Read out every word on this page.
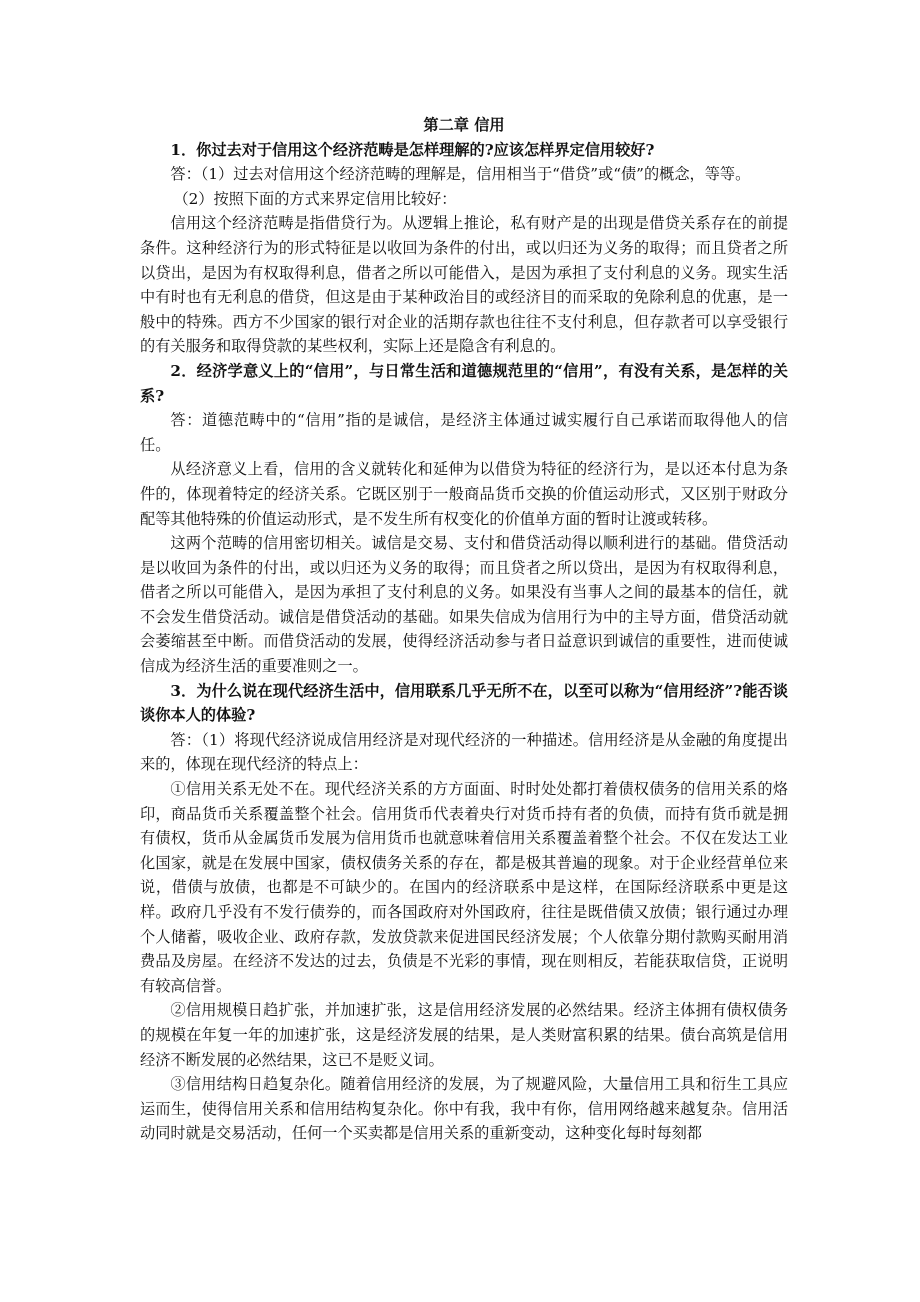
第二章 信用

1．你过去对于信用这个经济范畴是怎样理解的?应该怎样界定信用较好?

答：（1）过去对信用这个经济范畴的理解是，信用相当于“借贷”或“债”的概念，等等。

（2）按照下面的方式来界定信用比较好：

信用这个经济范畴是指借贷行为。从逻辑上推论，私有财产是的出现是借贷关系存在的前提条件。这种经济行为的形式特征是以收回为条件的付出，或以归还为义务的取得；而且贷者之所以贷出，是因为有权取得利息，借者之所以可能借入，是因为承担了支付利息的义务。现实生活中有时也有无利息的借贷，但这是由于某种政治目的或经济目的而采取的免除利息的优惠，是一般中的特殊。西方不少国家的银行对企业的活期存款也往往不支付利息，但存款者可以享受银行的有关服务和取得贷款的某些权利，实际上还是隐含有利息的。

2．经济学意义上的“信用”，与日常生活和道德规范里的“信用”，有没有关系，是怎样的关系?

答：道德范畴中的“信用”指的是诚信，是经济主体通过诚实履行自己承诺而取得他人的信任。

从经济意义上看，信用的含义就转化和延伸为以借贷为特征的经济行为，是以还本付息为条件的，体现着特定的经济关系。它既区别于一般商品货币交换的价值运动形式，又区别于财政分配等其他特殊的价值运动形式，是不发生所有权变化的价值单方面的暂时让渡或转移。

这两个范畴的信用密切相关。诚信是交易、支付和借贷活动得以顺利进行的基础。借贷活动是以收回为条件的付出，或以归还为义务的取得；而且贷者之所以贷出，是因为有权取得利息，借者之所以可能借入，是因为承担了支付利息的义务。如果没有当事人之间的最基本的信任，就不会发生借贷活动。诚信是借贷活动的基础。如果失信成为信用行为中的主导方面，借贷活动就会萎缩甚至中断。而借贷活动的发展，使得经济活动参与者日益意识到诚信的重要性，进而使诚信成为经济生活的重要准则之一。

3．为什么说在现代经济生活中，信用联系几乎无所不在，以至可以称为“信用经济”?能否谈谈你本人的体验?

答：（1）将现代经济说成信用经济是对现代经济的一种描述。信用经济是从金融的角度提出来的，体现在现代经济的特点上：

①信用关系无处不在。现代经济关系的方方面面、时时处处都打着债权债务的信用关系的烙印，商品货币关系覆盖整个社会。信用货币代表着央行对货币持有者的负债，而持有货币就是拥有债权，货币从金属货币发展为信用货币也就意味着信用关系覆盖着整个社会。不仅在发达工业化国家，就是在发展中国家，债权债务关系的存在，都是极其普遍的现象。对于企业经营单位来说，借债与放债，也都是不可缺少的。在国内的经济联系中是这样，在国际经济联系中更是这样。政府几乎没有不发行债券的，而各国政府对外国政府，往往是既借债又放债；银行通过办理个人储蓄，吸收企业、政府存款，发放贷款来促进国民经济发展；个人依靠分期付款购买耐用消费品及房屋。在经济不发达的过去，负债是不光彩的事情，现在则相反，若能获取信贷，正说明有较高信誉。

②信用规模日趋扩张，并加速扩张，这是信用经济发展的必然结果。经济主体拥有债权债务的规模在年复一年的加速扩张，这是经济发展的结果，是人类财富积累的结果。债台高筑是信用经济不断发展的必然结果，这已不是贬义词。

③信用结构日趋复杂化。随着信用经济的发展，为了规避风险，大量信用工具和衍生工具应运而生，使得信用关系和信用结构复杂化。你中有我，我中有你，信用网络越来越复杂。信用活动同时就是交易活动，任何一个买卖都是信用关系的重新变动，这种变化每时每刻都
